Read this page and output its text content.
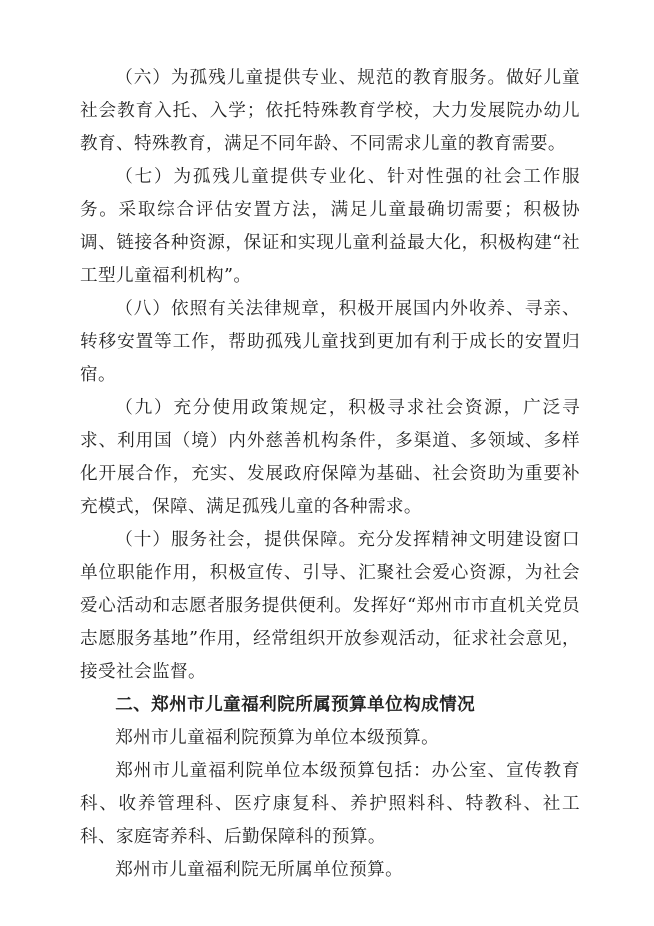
（六）为孤残儿童提供专业、规范的教育服务。做好儿童社会教育入托、入学；依托特殊教育学校，大力发展院办幼儿教育、特殊教育，满足不同年龄、不同需求儿童的教育需要。

（七）为孤残儿童提供专业化、针对性强的社会工作服务。采取综合评估安置方法，满足儿童最确切需要；积极协调、链接各种资源，保证和实现儿童利益最大化，积极构建“社工型儿童福利机构”。

（八）依照有关法律规章，积极开展国内外收养、寻亲、转移安置等工作，帮助孤残儿童找到更加有利于成长的安置归宿。

（九）充分使用政策规定，积极寻求社会资源，广泛寻求、利用国（境）内外慈善机构条件，多渠道、多领域、多样化开展合作，充实、发展政府保障为基础、社会资助为重要补充模式，保障、满足孤残儿童的各种需求。

（十）服务社会，提供保障。充分发挥精神文明建设窗口单位职能作用，积极宣传、引导、汇聚社会爱心资源，为社会爱心活动和志愿者服务提供便利。发挥好“郑州市市直机关党员志愿服务基地”作用，经常组织开放参观活动，征求社会意见，接受社会监督。

二、郑州市儿童福利院所属预算单位构成情况

郑州市儿童福利院预算为单位本级预算。

郑州市儿童福利院单位本级预算包括：办公室、宣传教育科、收养管理科、医疗康复科、养护照料科、特教科、社工科、家庭寄养科、后勤保障科的预算。

郑州市儿童福利院无所属单位预算。
